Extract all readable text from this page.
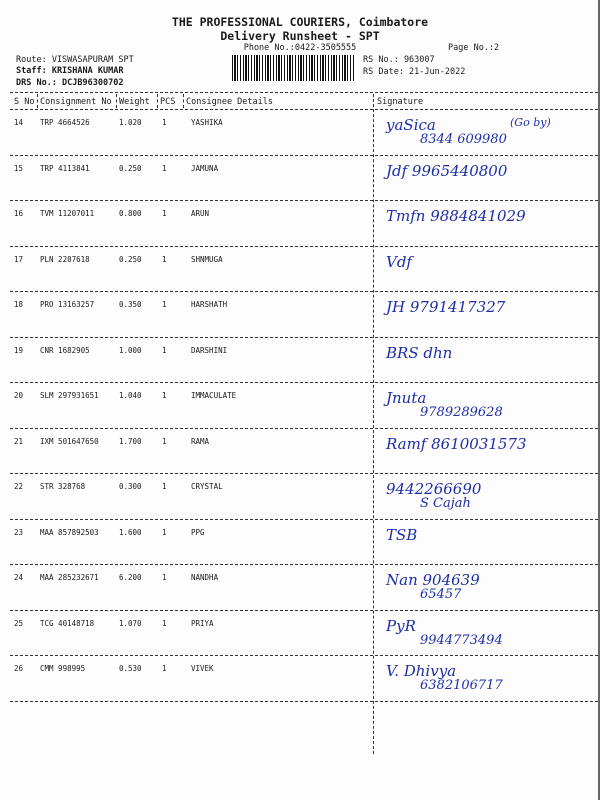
THE PROFESSIONAL COURIERS, Coimbatore
Delivery Runsheet - SPT
Phone No.:0422-3505555	Page No.:2
Route: VISWASAPURAM SPT
Staff: KRISHANA KUMAR
DRS No.: DCJB96300702
RS No.: 963007
RS Date: 21-Jun-2022
S No Consignment No Weight PCS Consignee Details	Signature
14 TRP 4664526	1.020	1	YASHIKA	yaSica
8344 609980
(Go by)
15 TRP 4113841	0.250	1	JAMUNA	Jdf 9965440800
16 TVM 11207011	0.800	1	ARUN	Tmfn 9884841029
17 PLN 2207618	0.250	1	SHNMUGA	Vdf
18 PRO 13163257	0.350	1	HARSHATH	JH 9791417327
19 CNR 1682905	1.000	1	DARSHINI	BRS dhn
20 SLM 297931651	1.040	1	IMMACULATE	Jnuta
9789289628
21 IXM 501647650	1.700	1	RAMA	Ramf 8610031573
22 STR 328768	0.300	1	CRYSTAL	9442266690
S Cajah
23 MAA 857892503	1.600	1	PPG	TSB
24 MAA 285232671	6.200	1	NANDHA	Nan 904639
65457
25 TCG 40148718	1.070	1	PRIYA	PyR
9944773494
26 CMM 998995	0.530	1	VIVEK	V. Dhivya
6382106717
